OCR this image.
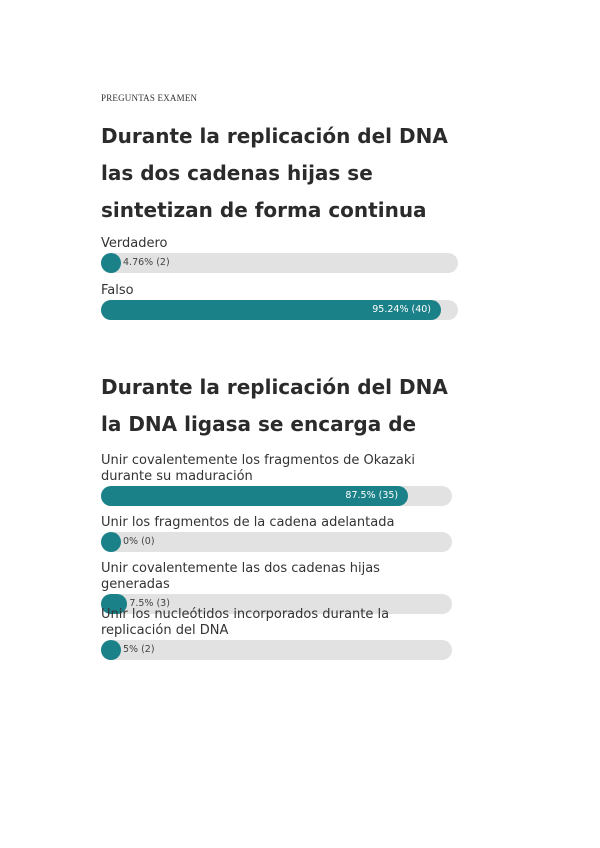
PREGUNTAS EXAMEN
Durante la replicación del DNA las dos cadenas hijas se sintetizan de forma continua
Verdadero
4.76% (2)
Falso
95.24% (40)
Durante la replicación del DNA la DNA ligasa se encarga de
Unir covalentemente los fragmentos de Okazaki durante su maduración
87.5% (35)
Unir los fragmentos de la cadena adelantada
0% (0)
Unir covalentemente las dos cadenas hijas generadas
7.5% (3)
Unir los nucleótidos incorporados durante la replicación del DNA
5% (2)
